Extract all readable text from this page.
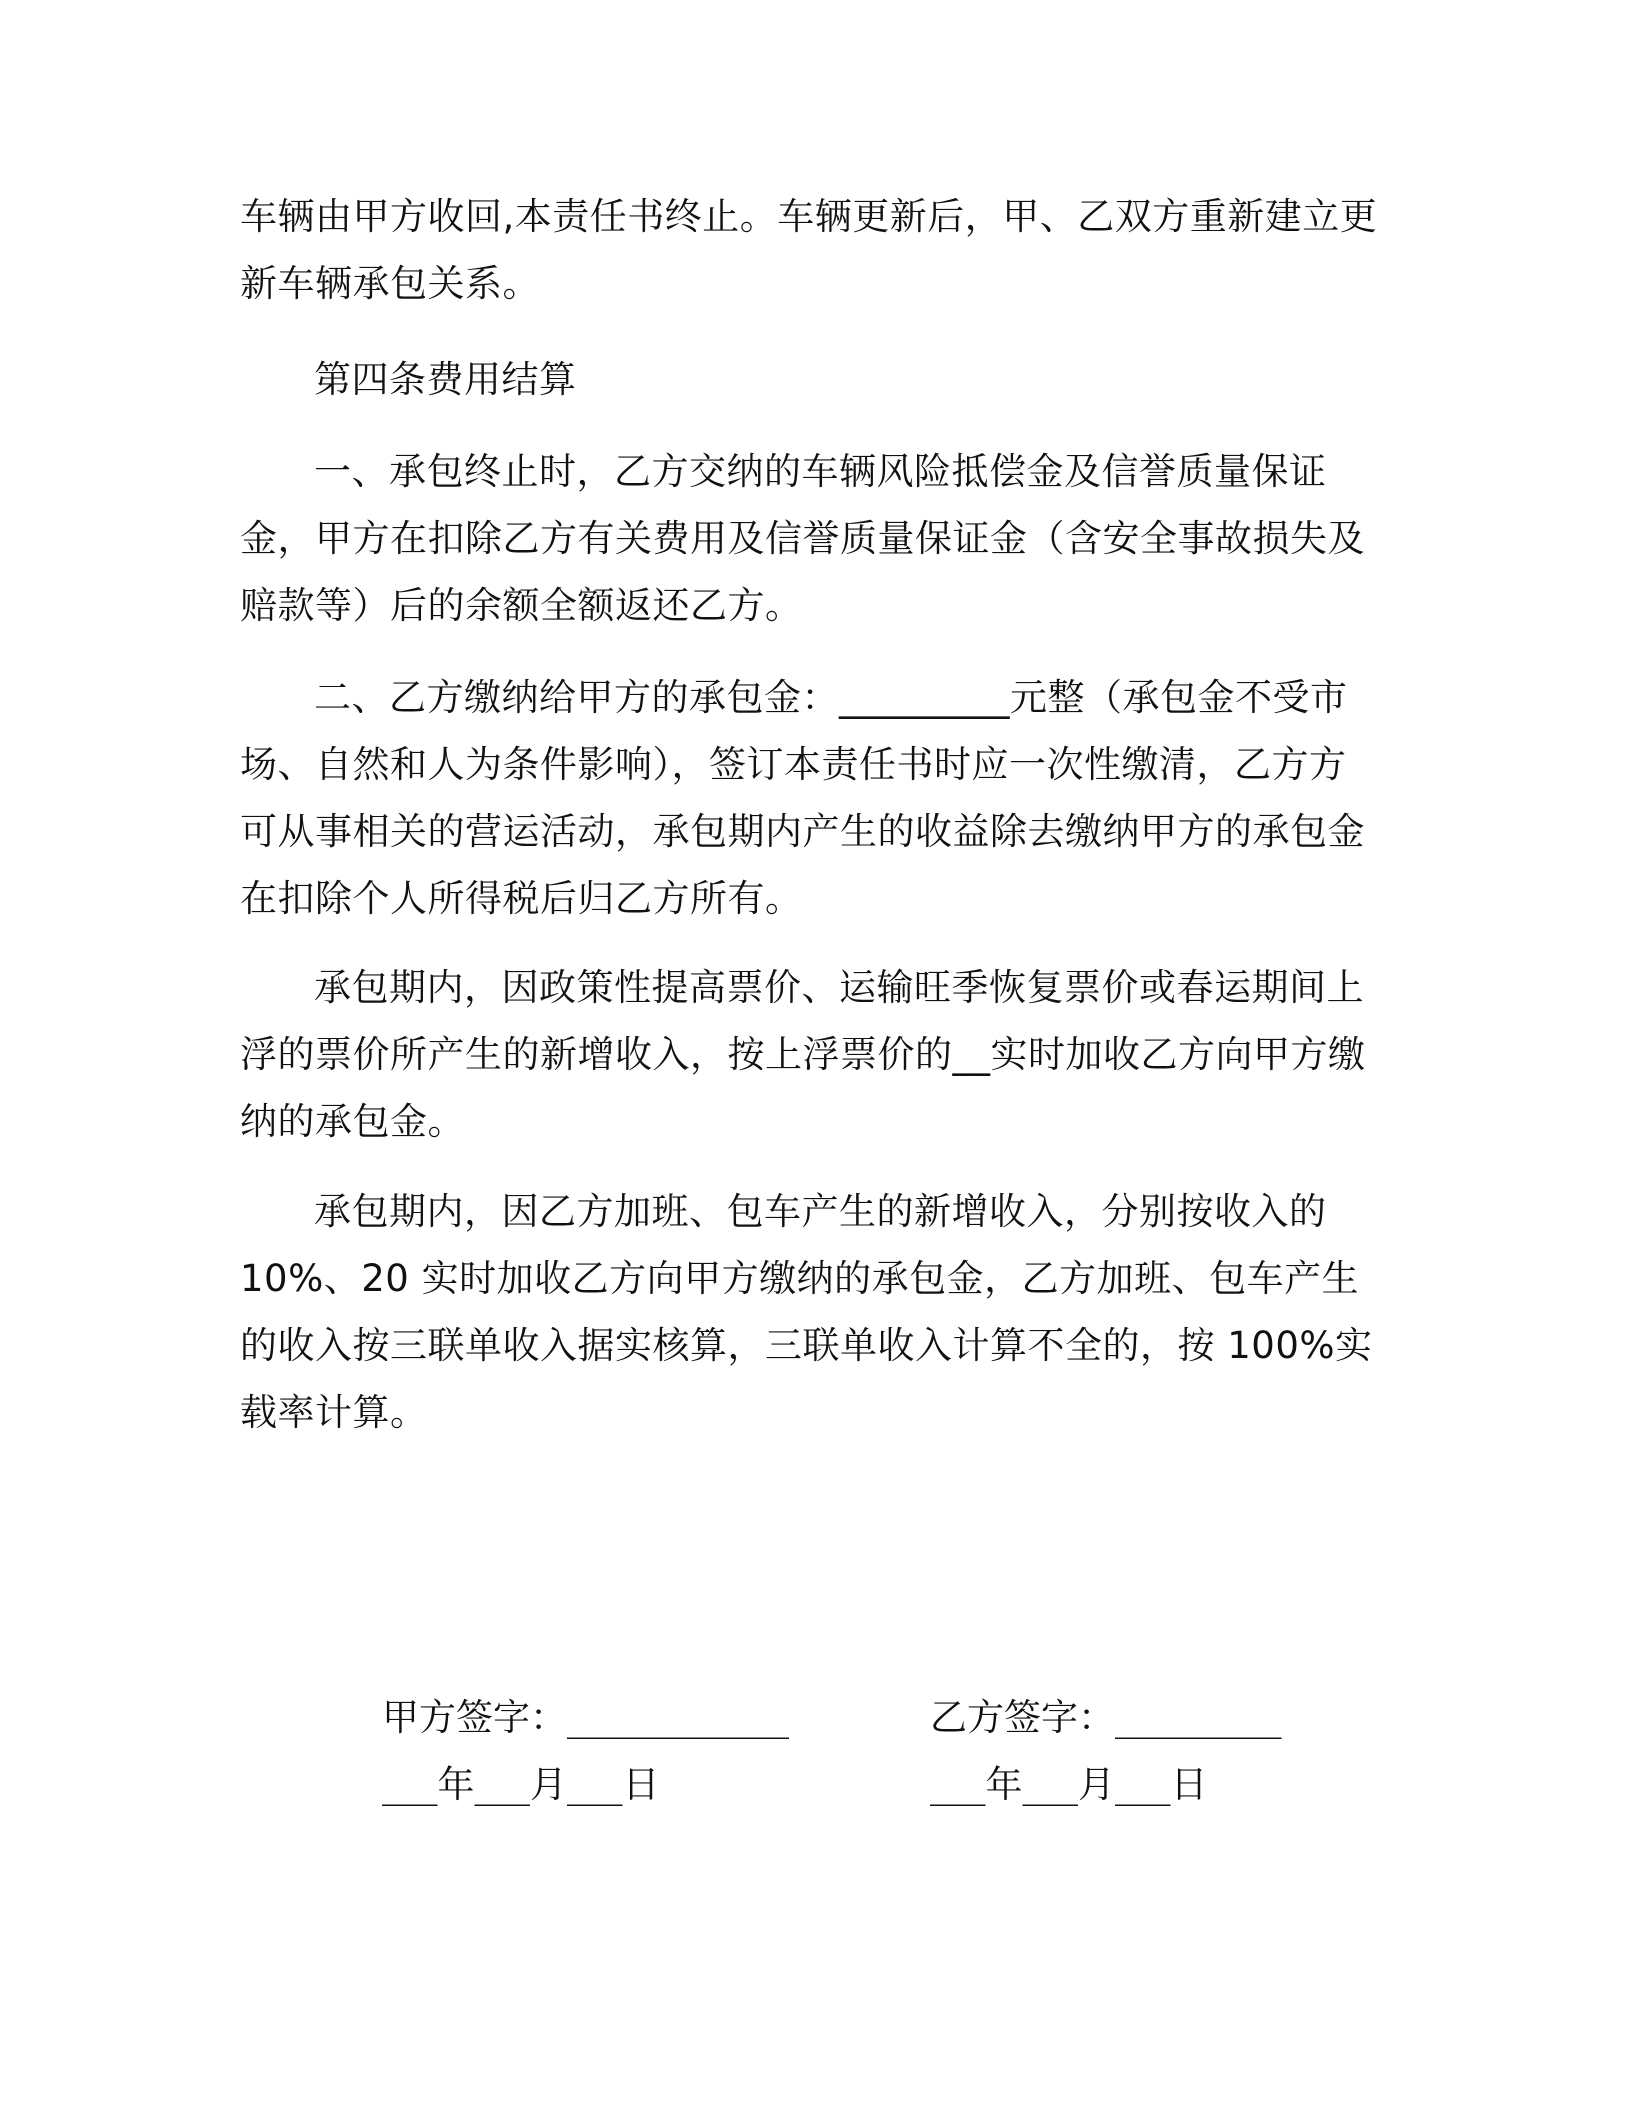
车辆由甲方收回,本责任书终止。车辆更新后，甲、乙双方重新建立更新车辆承包关系。

第四条费用结算

一、承包终止时，乙方交纳的车辆风险抵偿金及信誉质量保证金，甲方在扣除乙方有关费用及信誉质量保证金（含安全事故损失及赔款等）后的余额全额返还乙方。

二、乙方缴纳给甲方的承包金：_________元整（承包金不受市场、自然和人为条件影响），签订本责任书时应一次性缴清，乙方方可从事相关的营运活动，承包期内产生的收益除去缴纳甲方的承包金在扣除个人所得税后归乙方所有。

承包期内，因政策性提高票价、运输旺季恢复票价或春运期间上浮的票价所产生的新增收入，按上浮票价的__实时加收乙方向甲方缴纳的承包金。

承包期内，因乙方加班、包车产生的新增收入，分别按收入的10%、20 实时加收乙方向甲方缴纳的承包金，乙方加班、包车产生的收入按三联单收入据实核算，三联单收入计算不全的，按 100%实载率计算。

甲方签字：____________

___年___月___日

乙方签字：_________

___年___月___日
